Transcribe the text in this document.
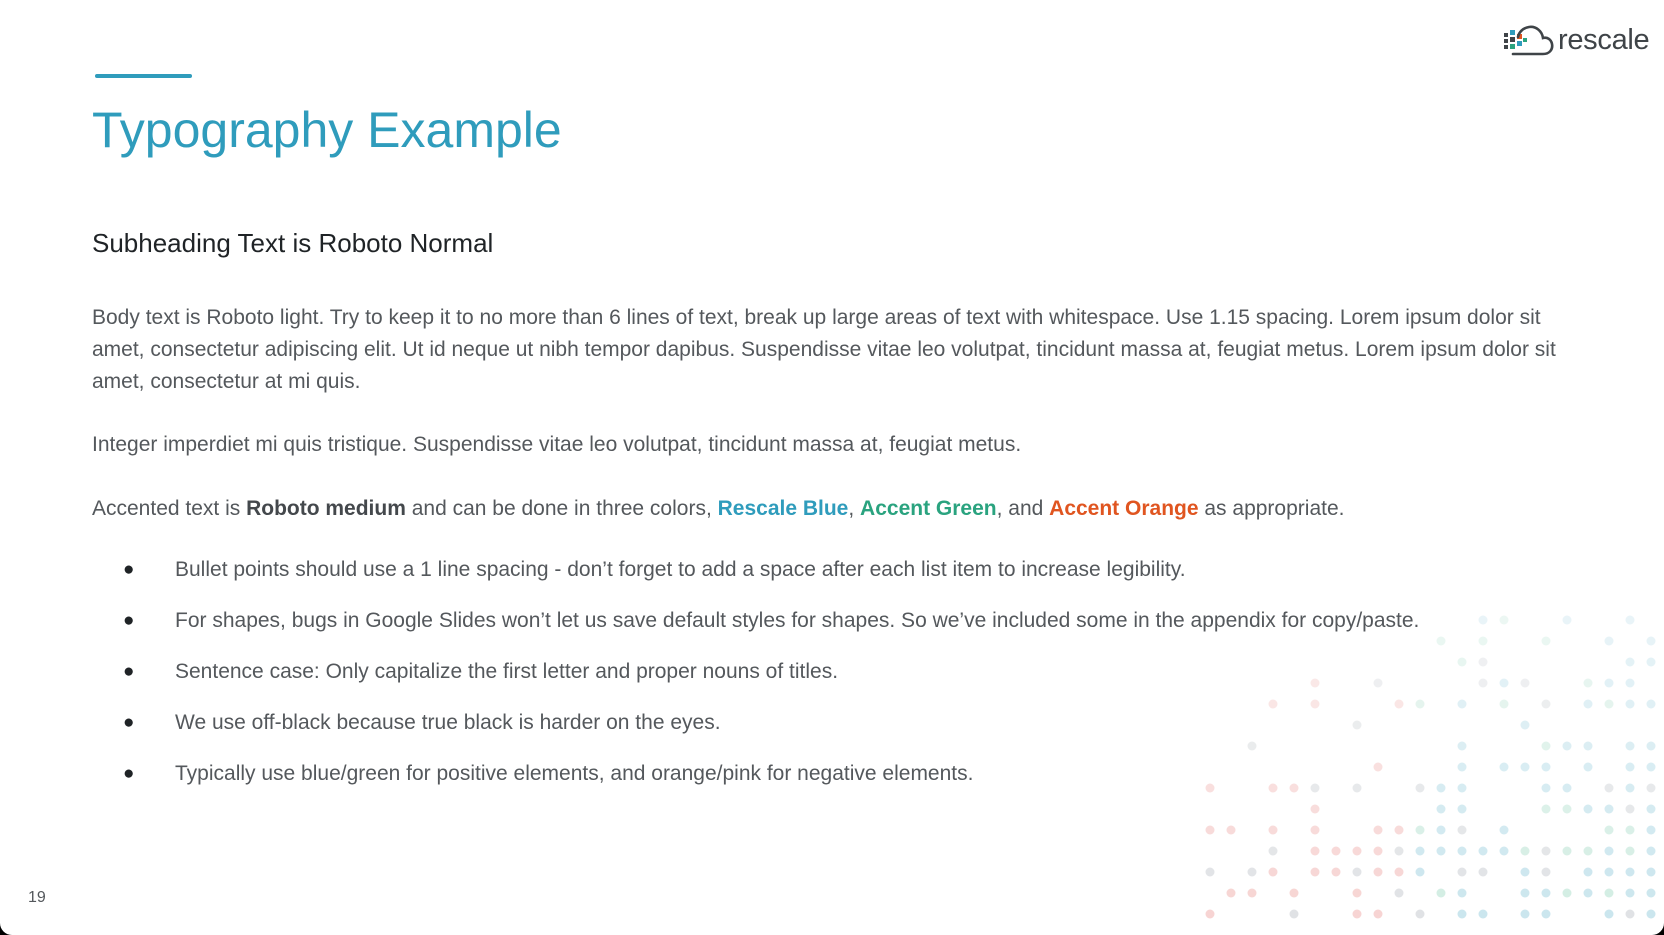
rescale
Typography Example
Subheading Text is Roboto Normal

Body text is Roboto light. Try to keep it to no more than 6 lines of text, break up large areas of text with whitespace. Use 1.15 spacing. Lorem ipsum dolor sit amet, consectetur adipiscing elit. Ut id neque ut nibh tempor dapibus. Suspendisse vitae leo volutpat, tincidunt massa at, feugiat metus. Lorem ipsum dolor sit amet, consectetur at mi quis.

Integer imperdiet mi quis tristique. Suspendisse vitae leo volutpat, tincidunt massa at, feugiat metus.

Accented text is Roboto medium and can be done in three colors, Rescale Blue, Accent Green, and Accent Orange as appropriate.

● Bullet points should use a 1 line spacing - don’t forget to add a space after each list item to increase legibility.
● For shapes, bugs in Google Slides won’t let us save default styles for shapes. So we’ve included some in the appendix for copy/paste.
● Sentence case: Only capitalize the first letter and proper nouns of titles.
● We use off-black because true black is harder on the eyes.
● Typically use blue/green for positive elements, and orange/pink for negative elements.
19
